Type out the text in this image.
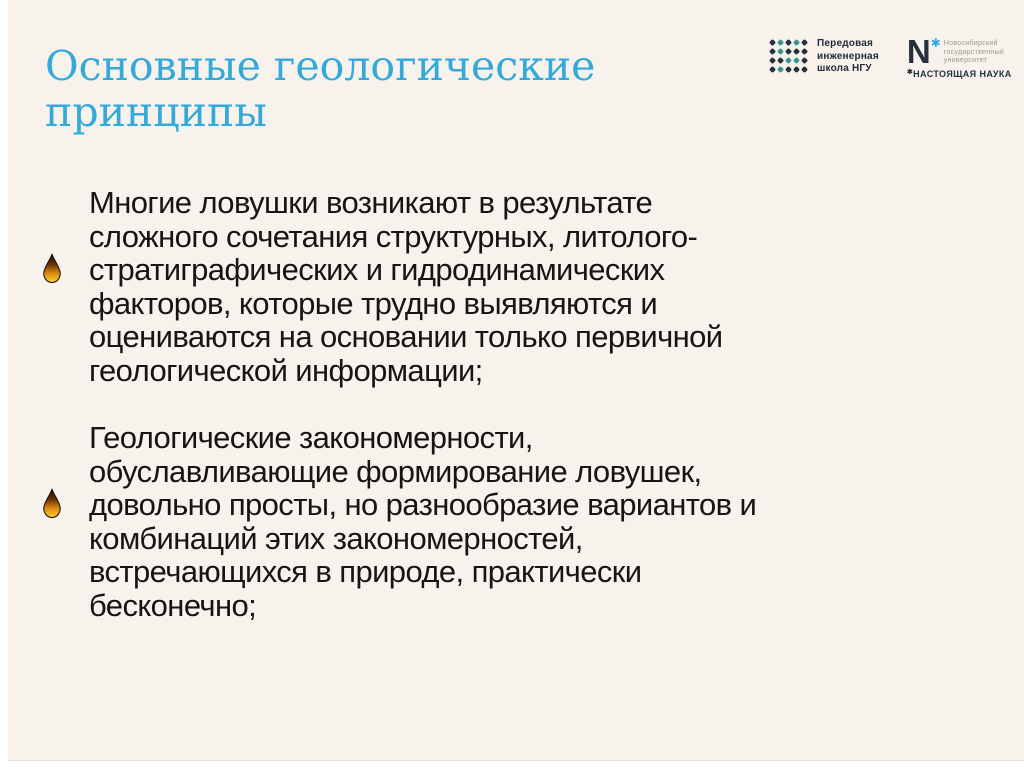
Основные геологические принципы
Передовая
инженерная
школа НГУ N ✱ Новосибирский
государственный
университет
✱НАСТОЯЩАЯ НАУКА
Многие ловушки возникают в результате
сложного сочетания структурных, литолого-
стратиграфических и гидродинамических
факторов, которые трудно выявляются и
оцениваются на основании только первичной
геологической информации;
Геологические закономерности,
обуславливающие формирование ловушек,
довольно просты, но разнообразие вариантов и
комбинаций этих закономерностей,
встречающихся в природе, практически
бесконечно;
